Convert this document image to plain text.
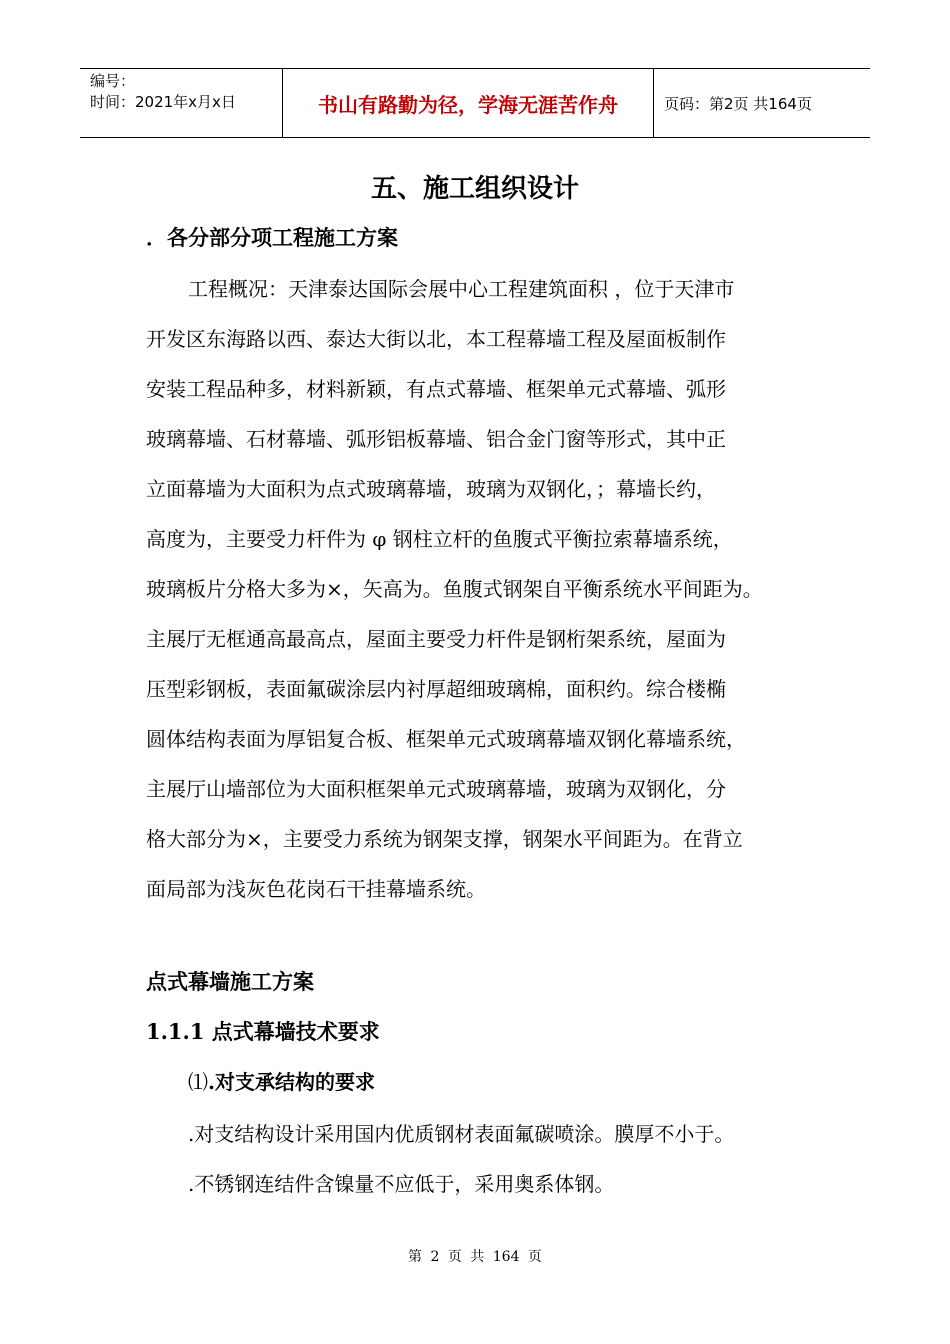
编号：
时间：2021年x月x日	书山有路勤为径，学海无涯苦作舟	页码：第2页 共164页
五、施工组织设计
．各分部分项工程施工方案
工程概况：天津泰达国际会展中心工程建筑面积 ，位于天津市
开发区东海路以西、泰达大街以北，本工程幕墙工程及屋面板制作
安装工程品种多，材料新颖，有点式幕墙、框架单元式幕墙、弧形
玻璃幕墙、石材幕墙、弧形铝板幕墙、铝合金门窗等形式，其中正
立面幕墙为大面积为点式玻璃幕墙，玻璃为双钢化，；幕墙长约，
高度为，主要受力杆件为 φ 钢柱立杆的鱼腹式平衡拉索幕墙系统，
玻璃板片分格大多为×，矢高为。鱼腹式钢架自平衡系统水平间距为。
主展厅无框通高最高点，屋面主要受力杆件是钢桁架系统，屋面为
压型彩钢板，表面氟碳涂层内衬厚超细玻璃棉，面积约。综合楼椭
圆体结构表面为厚铝复合板、框架单元式玻璃幕墙双钢化幕墙系统，
主展厅山墙部位为大面积框架单元式玻璃幕墙，玻璃为双钢化，分
格大部分为×，主要受力系统为钢架支撑，钢架水平间距为。在背立
面局部为浅灰色花岗石干挂幕墙系统。
点式幕墙施工方案
1.1.1 点式幕墙技术要求
⑴.对支承结构的要求
.对支结构设计采用国内优质钢材表面氟碳喷涂。膜厚不小于。
.不锈钢连结件含镍量不应低于，采用奥系体钢。
第 2 页 共 164 页
